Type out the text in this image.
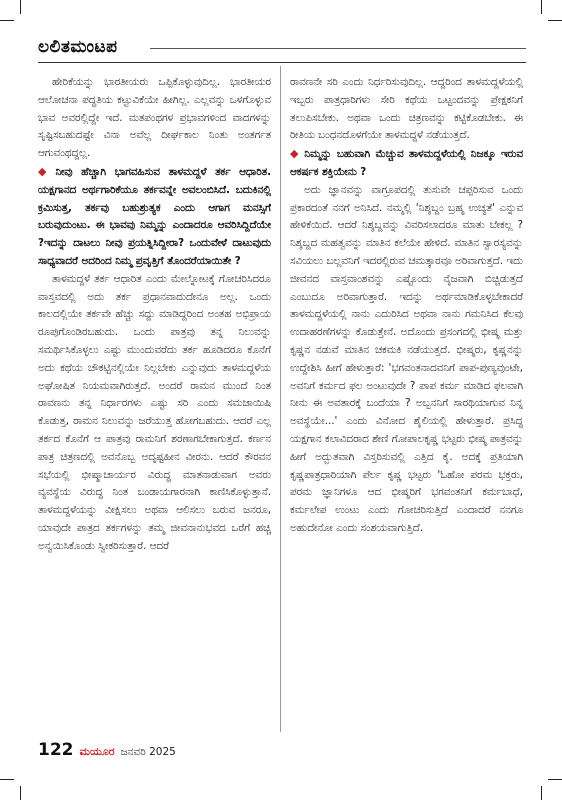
ಲಲಿತಮಂಟಪ

ಹೇರಿಕೆಯನ್ನು ಭಾರತೀಯರು ಒಪ್ಪಿಕೊಳ್ಳುವುದಿಲ್ಲ. ಭಾರತೀಯರ ಆಲೋಚನಾ ಪದ್ಧತಿಯ ಕಟ್ಟುವಿಕೆಯೇ ಹೀಗಿಲ್ಲ. ಎಲ್ಲವನ್ನು ಒಳಗೊಳ್ಳುವ ಭಾವ ಅವರಲ್ಲಿದ್ದೇ ಇದೆ. ಮತಪಂಥಗಳ ಪ್ರಭಾವಗಳಿಂದ ವಾದಗಳನ್ನು ಸೃಷ್ಟಿಸಬಹುದಷ್ಟೇ ವಿನಾ ಅವೆಲ್ಲ ದೀರ್ಘಕಾಲ ನಿಂತು ಅಂತರ್ಗತ ಆಗುವಂಥದ್ದಲ್ಲ.

◆ ನೀವು ಹೆಚ್ಚಾಗಿ ಭಾಗವಹಿಸುವ ತಾಳಮದ್ದಳೆ ತರ್ಕ ಆಧಾರಿತ. ಯಕ್ಷಗಾನದ ಅರ್ಥಗಾರಿಕೆಯೂ ತರ್ಕವನ್ನೇ ಅವಲಂಬಿಸಿದೆ. ಬದುಕಿನಲ್ಲಿ ಕ್ರಮಿಸುತ್ತ, ತರ್ಕವು ಬಹುಶ್ರುತ್ಯಕ ಎಂದು ಆಗಾಗ ಮನಸ್ಸಿಗೆ ಬರುವುದುಂಟು. ಈ ಭಾವವು ನಿಮ್ಮನ್ನು ಎಂದಾದರೂ ಆವರಿಸಿದ್ದಿದೆಯೇ ?ಇದನ್ನು ದಾಟಲು ನೀವು ಪ್ರಯತ್ನಿಸಿದ್ದೀರಾ? ಒಂದುವೇಳೆ ದಾಟುವುದು ಸಾಧ್ಯವಾದರೆ ಅದರಿಂದ ನಿಮ್ಮ ಪ್ರವೃತ್ತಿಗೆ ತೊಂದರೆಯಾಯಿತೇ ?

ತಾಳಮದ್ದಳೆ ತರ್ಕ ಆಧಾರಿತ ಎಂದು ಮೇಲ್ನೋಟಕ್ಕೆ ಗೋಚರಿಸಿದರೂ ವಾಸ್ತವದಲ್ಲಿ ಅದು ತರ್ಕ ಪ್ರಧಾನವಾದುದೇನೂ ಅಲ್ಲ. ಒಂದು ಕಾಲದಲ್ಲಿಯೇ ತರ್ಕವೇ ಹೆಚ್ಚು ಸದ್ದು ಮಾಡಿದ್ದರಿಂದ ಅಂತಹ ಅಭಿಪ್ರಾಯ ರೂಪುಗೊಂಡಿರಬಹುದು. ಒಂದು ಪಾತ್ರವು ತನ್ನ ನಿಲುವನ್ನು ಸಮರ್ಥಿಸಿಕೊಳ್ಳಲು ಎಷ್ಟು ಮುಂದುವರೆದು ತರ್ಕ ಹೂಡಿದರೂ ಕೊನೆಗೆ ಅದು ಕಥೆಯ ಚೌಕಟ್ಟಿನಲ್ಲಿಯೇ ನಿಲ್ಲಬೇಕು ಎನ್ನುವುದು ತಾಳಮದ್ದಳೆಯ ಅಘೋಷಿತ ನಿಯಮವಾಗಿರುತ್ತದೆ. ಅಂದರೆ ರಾಮನ ಮುಂದೆ ನಿಂತ ರಾವಣನು ತನ್ನ ನಿರ್ಧಾರಗಳು ಎಷ್ಟು ಸರಿ ಎಂದು ಸಮಜಾಯಿಷಿ ಕೊಡುತ್ತ, ರಾಮನ ನಿಲುವನ್ನು ಜರೆಯುತ್ತ ಹೋಗಬಹುದು. ಆದರೆ ಎಲ್ಲ ತರ್ಕದ ಕೊನೆಗೆ ಆ ಪಾತ್ರವು ರಾಮನಿಗೆ ಶರಣಾಗಬೇಕಾಗುತ್ತದೆ. ಕರ್ಣನ ಪಾತ್ರ ಚಿತ್ರಣದಲ್ಲಿ ಅವನೊಬ್ಬ ಅದೃಷ್ಟಹೀನ ವೀರನು. ಆದರೆ ಕೌರವನ ಸಭೆಯಲ್ಲಿ ಭೀಷ್ಮಾಚಾರ್ಯರ ವಿರುದ್ಧ ಮಾತನಾಡುವಾಗ ಅವರು ವ್ಯವಸ್ಥೆಯ ವಿರುದ್ಧ ನಿಂತ ಬಂಡಾಯಗಾರನಾಗಿ ಕಾಣಿಸಿಕೊಳ್ಳುತ್ತಾನೆ. ತಾಳಮದ್ದಳೆಯನ್ನು ವೀಕ್ಷಿಸಲು ಅಥವಾ ಆಲಿಸಲು ಬರುವ ಜನರೂ, ಯಾವುದೇ ಪಾತ್ರದ ತರ್ಕಗಳನ್ನು ತಮ್ಮ ಜೀವನಾನುಭವದ ಒರೆಗೆ ಹಚ್ಚಿ ಅನ್ವಯಿಸಿಕೊಂಡು ಸ್ವೀಕರಿಸುತ್ತಾರೆ. ಆದರೆ

ರಾವಣನೇ ಸರಿ ಎಂದು ನಿರ್ಧರಿಸುವುದಿಲ್ಲ. ಆದ್ದರಿಂದ ತಾಳಮದ್ದಳೆಯಲ್ಲಿ ಇಬ್ಬರು ಪಾತ್ರಧಾರಿಗಳು ಸೇರಿ ಕಥೆಯ ಒಟ್ಟಂದವನ್ನು ಪ್ರೇಕ್ಷಕನಿಗೆ ತಲುಪಿಸಬೇಕು. ಅಥವಾ ಒಂದು ಚಿತ್ರಣವನ್ನು ಕಟ್ಟಿಕೊಡಬೇಕು. ಈ ರೀತಿಯ ಬಂಧನದೊಳಗೆಯೇ ತಾಳಮದ್ದಳೆ ನಡೆಯುತ್ತದೆ.

◆ ನಿಮ್ಮನ್ನು ಬಹುವಾಗಿ ಮೆಚ್ಚುವ ತಾಳಮದ್ದಳೆಯಲ್ಲಿ ನಿಜಕ್ಕೂ ಇರುವ ಆಕರ್ಷಕ ಶಕ್ತಿಯೇನು ?

ಅದು ಜ್ಞಾನವನ್ನು ವಾಗ್ರೂಪದಲ್ಲಿ ತುಸುವೇ ಚಪ್ಪರಿಸುವ ಒಂದು ಪ್ರಕಾರದಂತೆ ನನಗೆ ಅನಿಸಿದೆ. ನಮ್ಮಲ್ಲಿ 'ನಿಶ್ಶಬ್ದಂ ಬ್ರಹ್ಮ ಉಚ್ಯತೆ' ಎನ್ನುವ ಹೇಳಿಕೆಯಿದೆ. ಆದರೆ ನಿಶ್ಶಬ್ದವನ್ನು ವಿವರಿಸಲಾದರೂ ಮಾತು ಬೇಕಲ್ಲ ? ನಿಶ್ಶಬ್ದದ ಮಹತ್ವವನ್ನು ಮಾತಿನ ಕಲೆಯೇ ಹೇಳಿದೆ. ಮಾತಿನ ಸ್ವಾರಸ್ಯವನ್ನು ಸವಿಯಲು ಬಲ್ಲವನಿಗೆ ಇದರಲ್ಲಿರುವ ಚಮತ್ಕಾರವೂ ಅರಿವಾಗುತ್ತದೆ. ಇದು ಜೀವನದ ವಾಸ್ತವಾಂಶವನ್ನು ಎಷ್ಟೊಂದು ನೈಜವಾಗಿ ಬಿಚ್ಚಿಡುತ್ತದೆ ಎಂಬುದೂ ಅರಿವಾಗುತ್ತಾರೆ. ಇದನ್ನು ಅರ್ಥಮಾಡಿಕೊಳ್ಳಬೇಕಾದರೆ ತಾಳಮದ್ದಳೆಯಲ್ಲಿ ನಾನು ಎದುರಿಸಿದ ಅಥವಾ ನಾನು ಗಮನಿಸಿದ ಕೆಲವು ಉದಾಹರಣೆಗಳನ್ನು ಕೊಡುತ್ತೇನೆ. ಅದೊಂದು ಪ್ರಸಂಗದಲ್ಲಿ ಭೀಷ್ಮ ಮತ್ತು ಕೃಷ್ಣನ ನಡುವೆ ಮಾತಿನ ಚಕಮಕಿ ನಡೆಯುತ್ತದೆ. ಭೀಷ್ಮರು, ಕೃಷ್ಣನನ್ನು ಉದ್ದೇಶಿಸಿ ಹೀಗೆ ಹೇಳುತ್ತಾರೆ: 'ಭಗವಂತನಾದವನಿಗೆ ಪಾಪ-ಪುಣ್ಯವುಂಟೇ, ಅವನಿಗೆ ಕರ್ಮದ ಫಲ ಅಂಟುವುದೇ ? ಪಾಪ ಕರ್ಮ ಮಾಡಿದ ಫಲವಾಗಿ ನೀನು ಈ ಅವತಾರಕ್ಕೆ ಬಂದೆಯಾ ? ಅಬ್ಬನನಿಗೆ ಸಾರಥಿಯಾಗುವ ನಿನ್ನ ಅವಸ್ಥೆಯೇ...' ಎಂದು ವಿನೋದ ಶೈಲಿಯಲ್ಲಿ ಹೇಳುತ್ತಾರೆ. ಪ್ರಸಿದ್ಧ ಯಕ್ಷಗಾನ ಕಲಾವಿದರಾದ ಶೇಣಿ ಗೋಪಾಲಕೃಷ್ಣ ಭಟ್ಟರು ಭೀಷ್ಮ ಪಾತ್ರವನ್ನು ಹೀಗೆ ಅದ್ಭುತವಾಗಿ ವಿಸ್ತರಿಸುವಲ್ಲಿ ಎತ್ತಿದ ಕೈ. ಅದಕ್ಕೆ ಪ್ರತಿಯಾಗಿ ಕೃಷ್ಣಪಾತ್ರಧಾರಿಯಾಗಿ ಪೆರ್ಲ ಕೃಷ್ಣ ಭಟ್ಟರು 'ಓಹೋ ಪರಮ ಭಕ್ತರು, ಪರಮ ಜ್ಞಾನಿಗಳೂ ಆದ ಭೀಷ್ಮರಿಗೆ ಭಗವಂತನಿಗೆ ಕರ್ಮಬಾಧೆ, ಕರ್ಮಲೇಪ ಉಂಟು ಎಂದು ಗೋಚರಿಸುತ್ತಿದೆ ಎಂದಾದರೆ ನನಗೂ ಅಹುದೇನೋ ಎಂದು ಸಂಶಯವಾಗುತ್ತಿದೆ.

122 ಮಯೂರ ಜನವರಿ 2025
